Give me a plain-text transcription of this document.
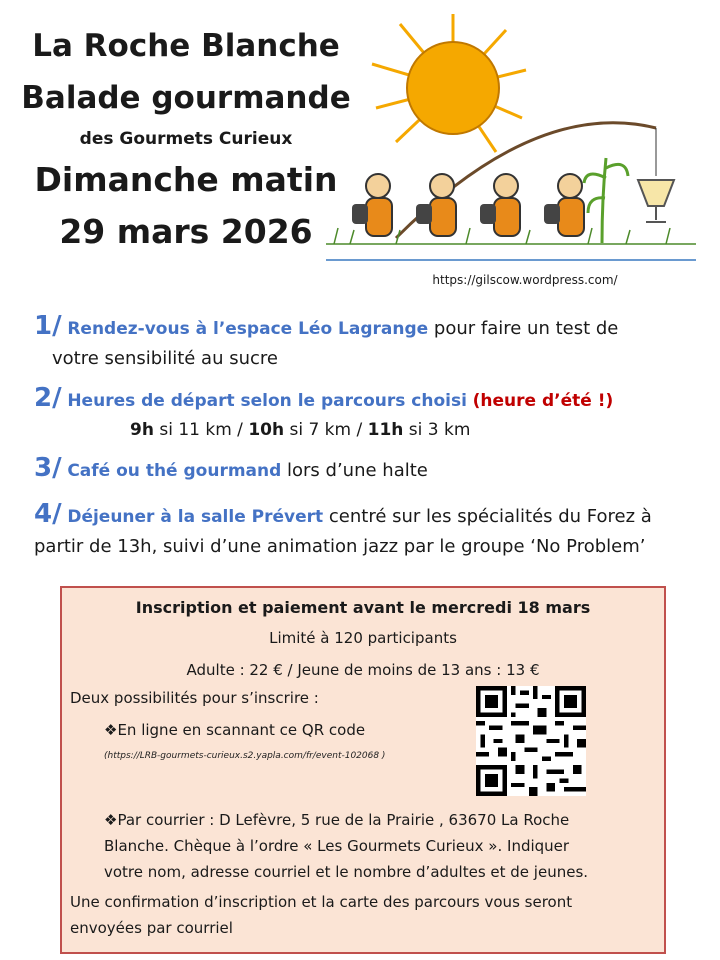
La Roche Blanche
Balade gourmande
des Gourmets Curieux
Dimanche matin
29 mars 2026
https://gilscow.wordpress.com/
1/ Rendez-vous à l’espace Léo Lagrange pour faire un test de
votre sensibilité au sucre
2/ Heures de départ selon le parcours choisi (heure d’été !)
9h si 11 km / 10h si 7 km / 11h si 3 km
3/ Café ou thé gourmand lors d’une halte
4/ Déjeuner à la salle Prévert centré sur les spécialités du Forez à
partir de 13h, suivi d’une animation jazz par le groupe ‘No Problem’
Inscription et paiement avant le mercredi 18 mars
Limité à 120 participants
Adulte : 22 € / Jeune de moins de 13 ans : 13 €
Deux possibilités pour s’inscrire :
❖En ligne en scannant ce QR code
(https://LRB-gourmets-curieux.s2.yapla.com/fr/event-102068 )
❖Par courrier : D Lefèvre, 5 rue de la Prairie , 63670 La Roche
Blanche. Chèque à l’ordre « Les Gourmets Curieux ». Indiquer
votre nom, adresse courriel et le nombre d’adultes et de jeunes.
Une confirmation d’inscription et la carte des parcours vous seront
envoyées par courriel
